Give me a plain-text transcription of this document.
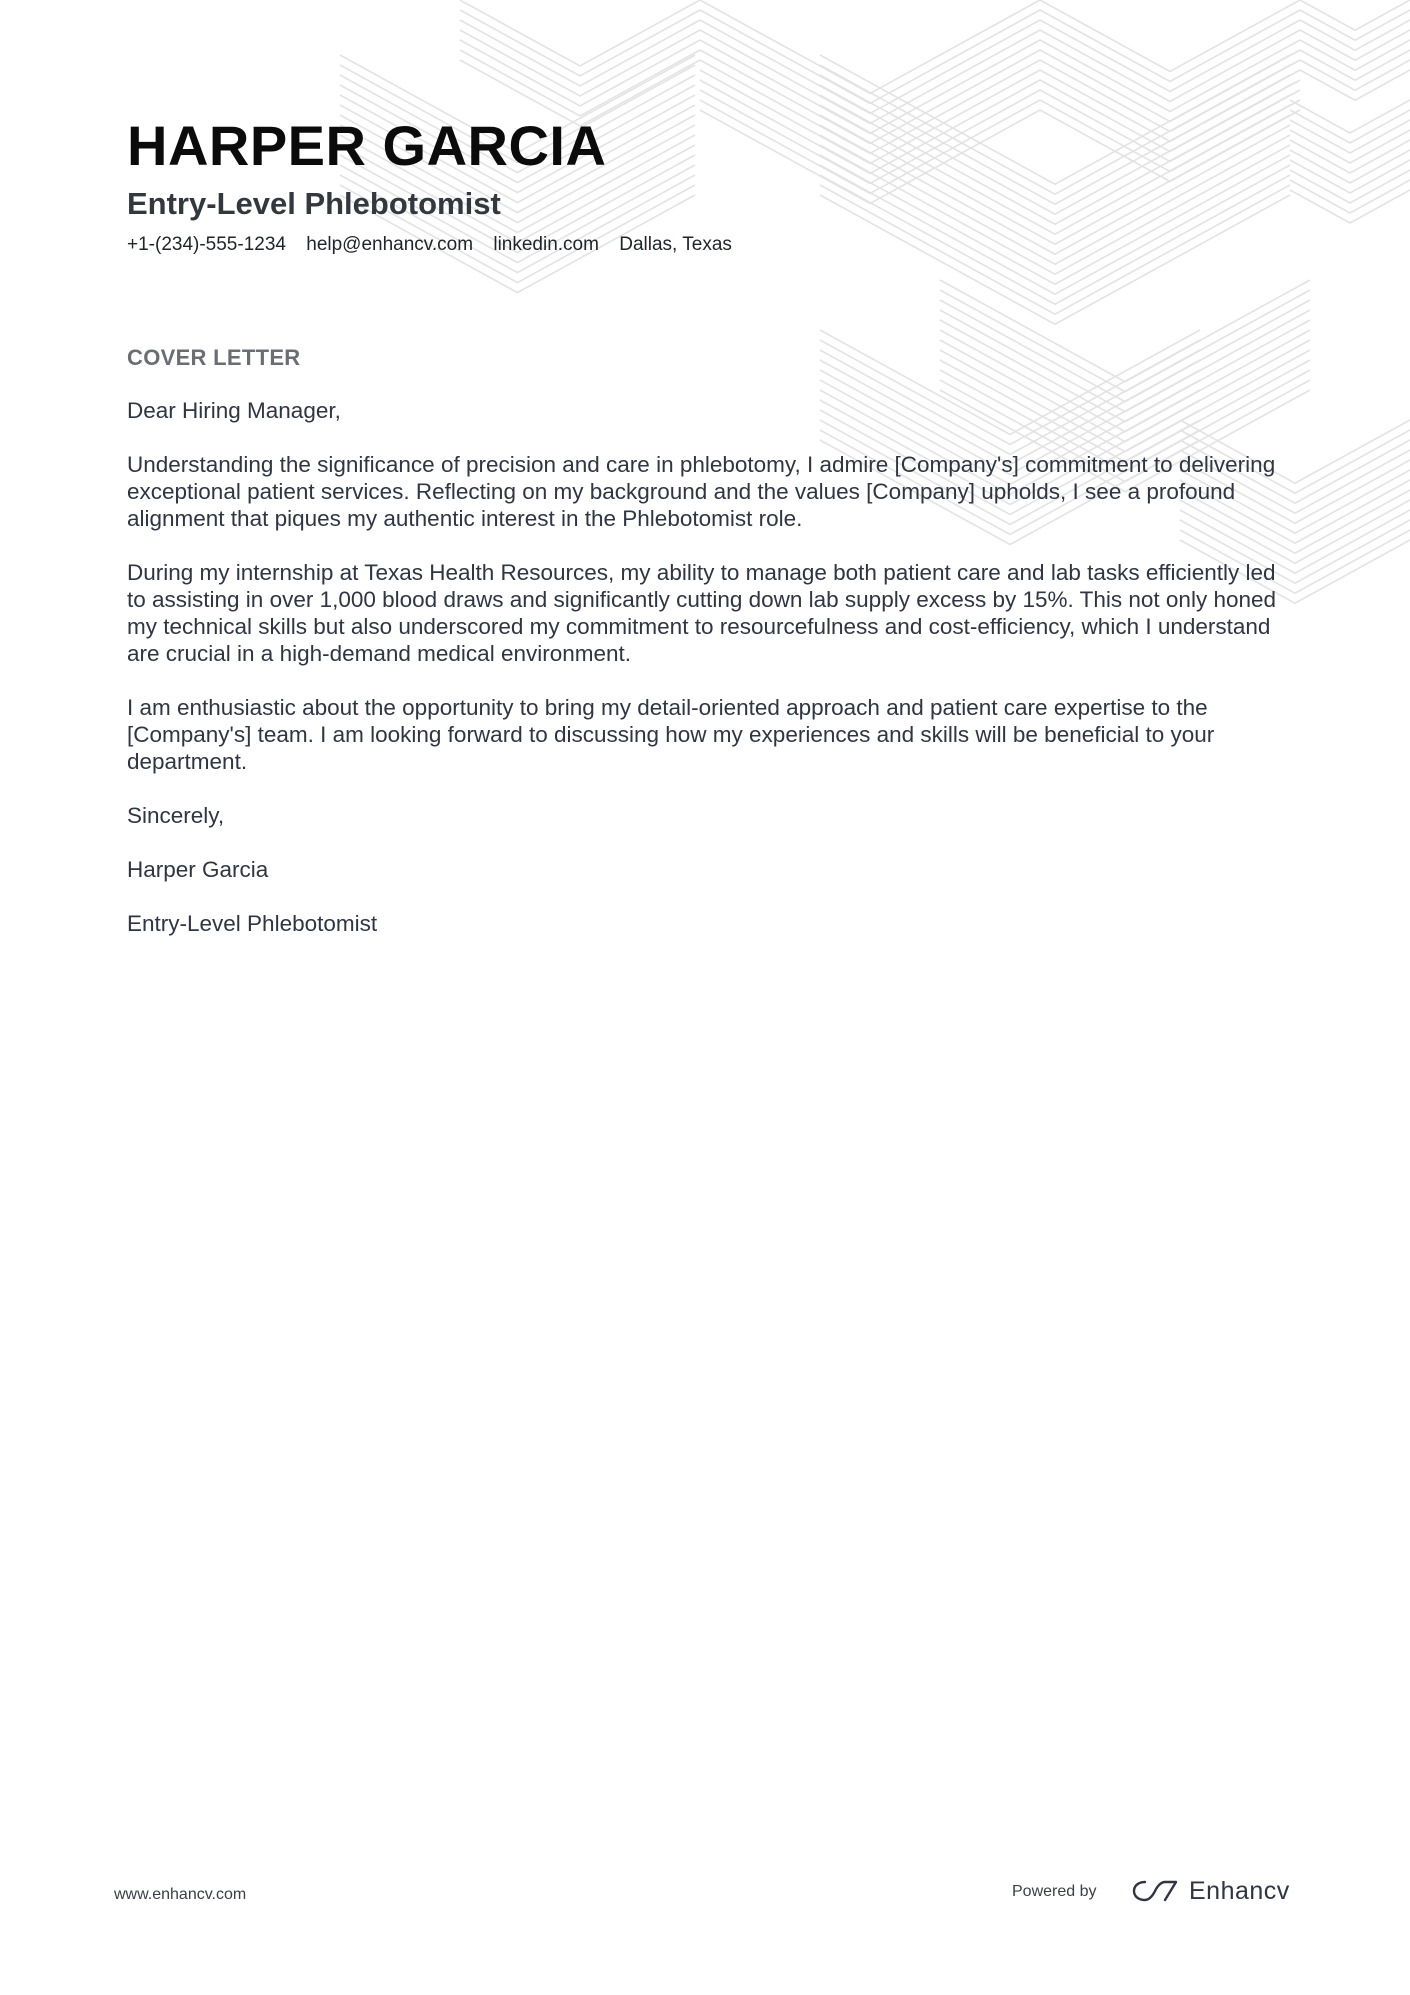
HARPER GARCIA
Entry-Level Phlebotomist
+1-(234)-555-1234 help@enhancv.com linkedin.com Dallas, Texas
COVER LETTER

Dear Hiring Manager,

Understanding the significance of precision and care in phlebotomy, I admire [Company's] commitment to delivering exceptional patient services. Reflecting on my background and the values [Company] upholds, I see a profound alignment that piques my authentic interest in the Phlebotomist role.

During my internship at Texas Health Resources, my ability to manage both patient care and lab tasks efficiently led to assisting in over 1,000 blood draws and significantly cutting down lab supply excess by 15%. This not only honed my technical skills but also underscored my commitment to resourcefulness and cost-efficiency, which I understand are crucial in a high-demand medical environment.

I am enthusiastic about the opportunity to bring my detail-oriented approach and patient care expertise to the [Company's] team. I am looking forward to discussing how my experiences and skills will be beneficial to your department.

Sincerely,

Harper Garcia

Entry-Level Phlebotomist

www.enhancv.com	Powered by	Enhancv
